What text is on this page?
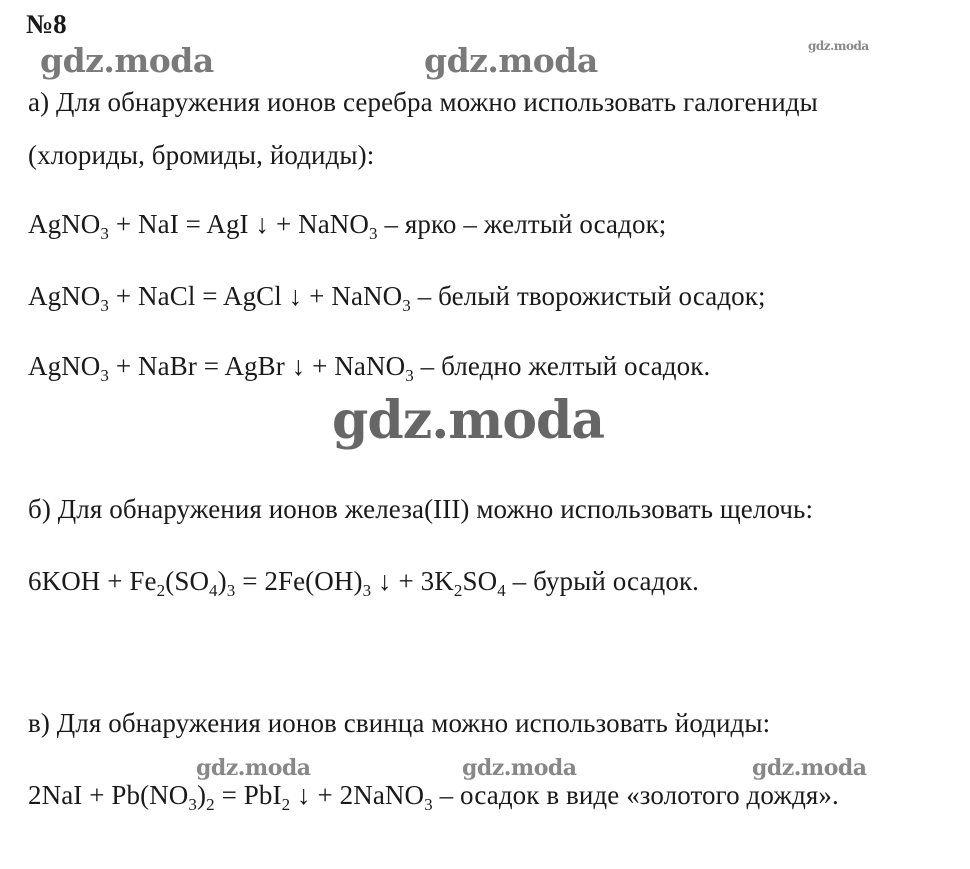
№8
gdz.moda	gdz.moda	gdz.moda
gdz.moda
gdz.moda	gdz.moda	gdz.moda
а) Для обнаружения ионов серебра можно использовать галогениды
(хлориды, бромиды, йодиды):
AgNO$_3$ + NaI = AgI ↓ + NaNO$_3$ – ярко – желтый осадок;
AgNO$_3$ + NaCl = AgCl ↓ + NaNO$_3$ – белый творожистый осадок;
AgNO$_3$ + NaBr = AgBr ↓ + NaNO$_3$ – бледно желтый осадок.
б) Для обнаружения ионов железа(III) можно использовать щелочь:
$6KOH + Fe_2(SO_4)_3 = 2Fe(OH)_3$ ↓ + $3K_2SO_4$ – бурый осадок.
в) Для обнаружения ионов свинца можно использовать йодиды:
$2NaI + Pb(NO_3)_2 = PbI_2$ ↓ + 2NaNO$_3$ – осадок в виде «золотого дождя».
